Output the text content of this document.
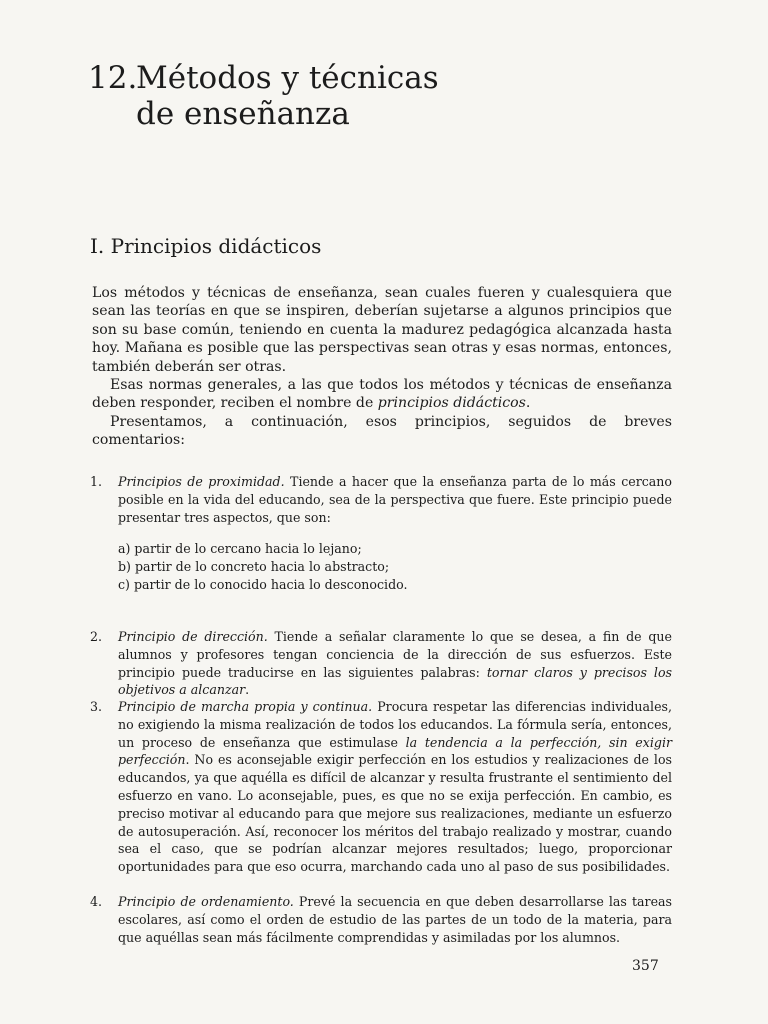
12.Métodos y técnicas
de enseñanza
I. Principios didácticos

Los métodos y técnicas de enseñanza, sean cuales fueren y cualesquiera que sean las teorías en que se inspiren, deberían sujetarse a algunos principios que son su base común, teniendo en cuenta la madurez pedagógica alcanzada hasta hoy. Mañana es posible que las perspectivas sean otras y esas normas, entonces, también deberán ser otras.

Esas normas generales, a las que todos los métodos y técnicas de enseñanza deben responder, reciben el nombre de principios didácticos.

Presentamos, a continuación, esos principios, seguidos de breves comentarios:

1. Principios de proximidad. Tiende a hacer que la enseñanza parta de lo más cercano posible en la vida del educando, sea de la perspectiva que fuere. Este principio puede presentar tres aspectos, que son:

a) partir de lo cercano hacia lo lejano;
b) partir de lo concreto hacia lo abstracto;
c) partir de lo conocido hacia lo desconocido.

2. Principio de dirección. Tiende a señalar claramente lo que se desea, a fin de que alumnos y profesores tengan conciencia de la dirección de sus esfuerzos. Este principio puede traducirse en las siguientes palabras: tornar claros y precisos los objetivos a alcanzar.

3. Principio de marcha propia y continua. Procura respetar las diferencias individuales, no exigiendo la misma realización de todos los educandos. La fórmula sería, entonces, un proceso de enseñanza que estimulase la tendencia a la perfección, sin exigir perfección. No es aconsejable exigir perfección en los estudios y realizaciones de los educandos, ya que aquélla es difícil de alcanzar y resulta frustrante el sentimiento del esfuerzo en vano. Lo aconsejable, pues, es que no se exija perfección. En cambio, es preciso motivar al educando para que mejore sus realizaciones, mediante un esfuerzo de autosuperación. Así, reconocer los méritos del trabajo realizado y mostrar, cuando sea el caso, que se podrían alcanzar mejores resultados; luego, proporcionar oportunidades para que eso ocurra, marchando cada uno al paso de sus posibilidades.

4. Principio de ordenamiento. Prevé la secuencia en que deben desarrollarse las tareas escolares, así como el orden de estudio de las partes de un todo de la materia, para que aquéllas sean más fácilmente comprendidas y asimiladas por los alumnos.

357
